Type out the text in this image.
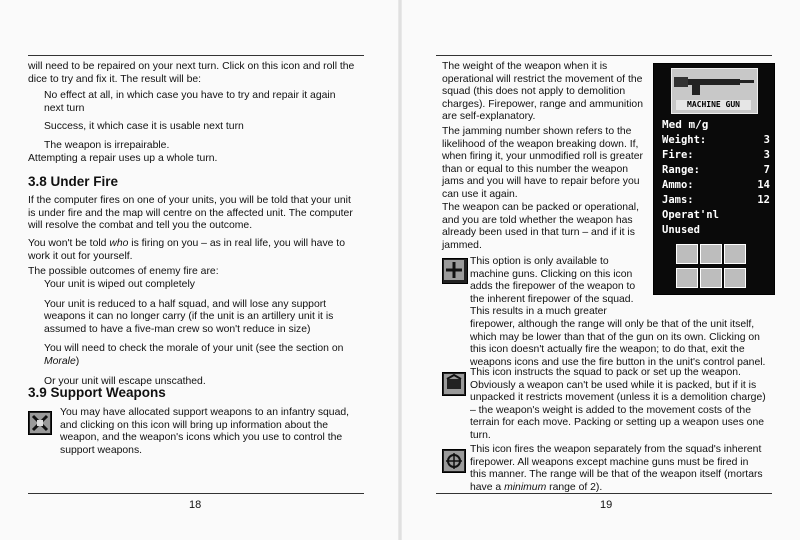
will need to be repaired on your next turn. Click on this icon and roll the

dice to try and fix it. The result will be:

No effect at all, in which case you have to try and repair it again

next turn

Success, it which case it is usable next turn

The weapon is irrepairable.

Attempting a repair uses up a whole turn.
3.8 Under Fire

If the computer fires on one of your units, you will be told that your unit

is under fire and the map will centre on the affected unit. The computer

will resolve the combat and tell you the outcome.

You won't be told who is firing on you – as in real life, you will have to

work it out for yourself.

The possible outcomes of enemy fire are:

Your unit is wiped out completely

Your unit is reduced to a half squad, and will lose any support

weapons it can no longer carry (if the unit is an artillery unit it is

assumed to have a five-man crew so won't reduce in size)

You will need to check the morale of your unit (see the section on

Morale)

Or your unit will escape unscathed.

3.9 Support Weapons

You may have allocated support weapons to an infantry squad,

and clicking on this icon will bring up information about the

weapon, and the weapon's icons which you use to control the

support weapons.

18

The weight of the weapon when it is

operational will restrict the movement of the

squad (this does not apply to demolition

charges). Firepower, range and ammunition

are self-explanatory.

The jamming number shown refers to the

likelihood of the weapon breaking down. If,

when firing it, your unmodified roll is greater

than or equal to this number the weapon

jams and you will have to repair before you

can use it again.

The weapon can be packed or operational,

and you are told whether the weapon has

already been used in that turn – and if it is

jammed.

MACHINE GUN
Med m/g
Weight:	3
Fire:	3
Range:	7
Ammo:	14
Jams:	12
Operat'nl
Unused

This option is only available to

machine guns. Clicking on this icon

adds the firepower of the weapon to

the inherent firepower of the squad.

This results in a much greater

firepower, although the range will only be that of the unit itself,

which may be lower than that of the gun on its own. Clicking on

this icon doesn't actually fire the weapon; to do that, exit the

weapons icons and use the fire button in the unit's control panel.

This icon instructs the squad to pack or set up the weapon.

Obviously a weapon can't be used while it is packed, but if it is

unpacked it restricts movement (unless it is a demolition charge)

– the weapon's weight is added to the movement costs of the

terrain for each move. Packing or setting up a weapon uses one

turn.

This icon fires the weapon separately from the squad's inherent

firepower. All weapons except machine guns must be fired in

this manner. The range will be that of the weapon itself (mortars

have a minimum range of 2).

19
